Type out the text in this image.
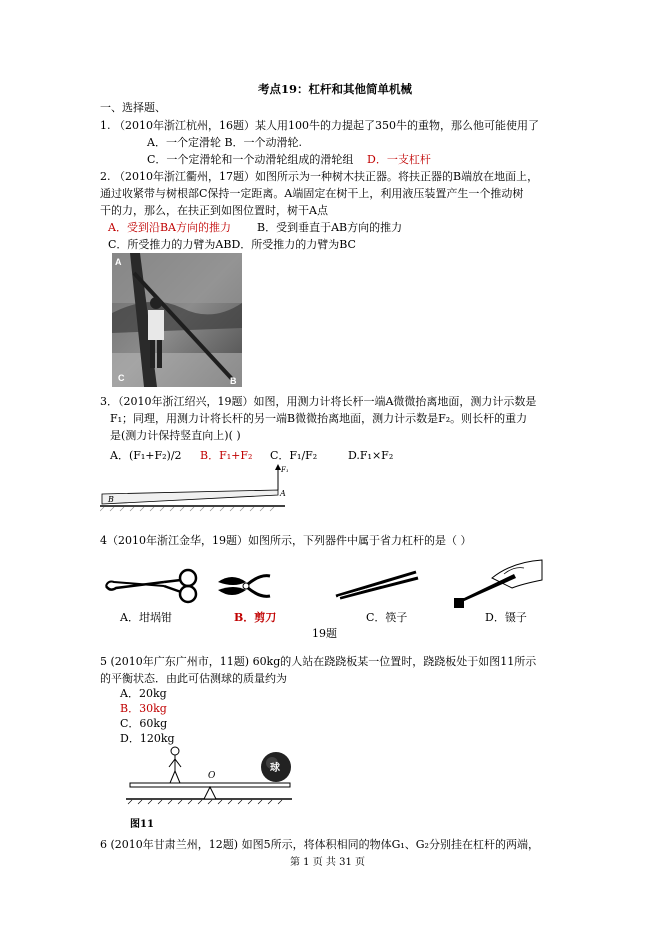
考点19：杠杆和其他简单机械
一、选择题、
1. （2010年浙江杭州，16题）某人用100牛的力提起了350牛的重物，那么他可能使用了
A．一个定滑轮 B．一个动滑轮.
C．一个定滑轮和一个动滑轮组成的滑轮组 D．一支杠杆
2. （2010年浙江衢州，17题）如图所示为一种树木扶正器。将扶正器的B端放在地面上，
通过收紧带与树根部C保持一定距离。A端固定在树干上，利用液压装置产生一个推动树
干的力，那么，在扶正到如图位置时，树干A点
A．受到沿BA方向的推力 B．受到垂直于AB方向的推力
C．所受推力的力臂为ABD．所受推力的力臂为BC
A
C	B
3．（2010年浙江绍兴，19题）如图，用测力计将长杆一端A微微抬离地面，测力计示数是
F₁；同理，用测力计将长杆的另一端B微微抬离地面，测力计示数是F₂。则长杆的重力
是(测力计保持竖直向上)( )
A．(F₁+F₂)/2 B．F₁+F₂ C．F₁/F₂	D.F₁×F₂
B
A
F₁
4（2010年浙江金华，19题）如图所示，下列器件中属于省力杠杆的是（ ）
A．坩埚钳	B．剪刀	C．筷子	D．镊子
19题
5 (2010年广东广州市，11题) 60kg的人站在跷跷板某一位置时，跷跷板处于如图11所示
的平衡状态．由此可估测球的质量约为
A．20kg
B．30kg
C．60kg
D．120kg
O
球
图11
6 (2010年甘肃兰州，12题) 如图5所示，将体积相同的物体G₁、G₂分别挂在杠杆的两端，
第 1 页 共 31 页
